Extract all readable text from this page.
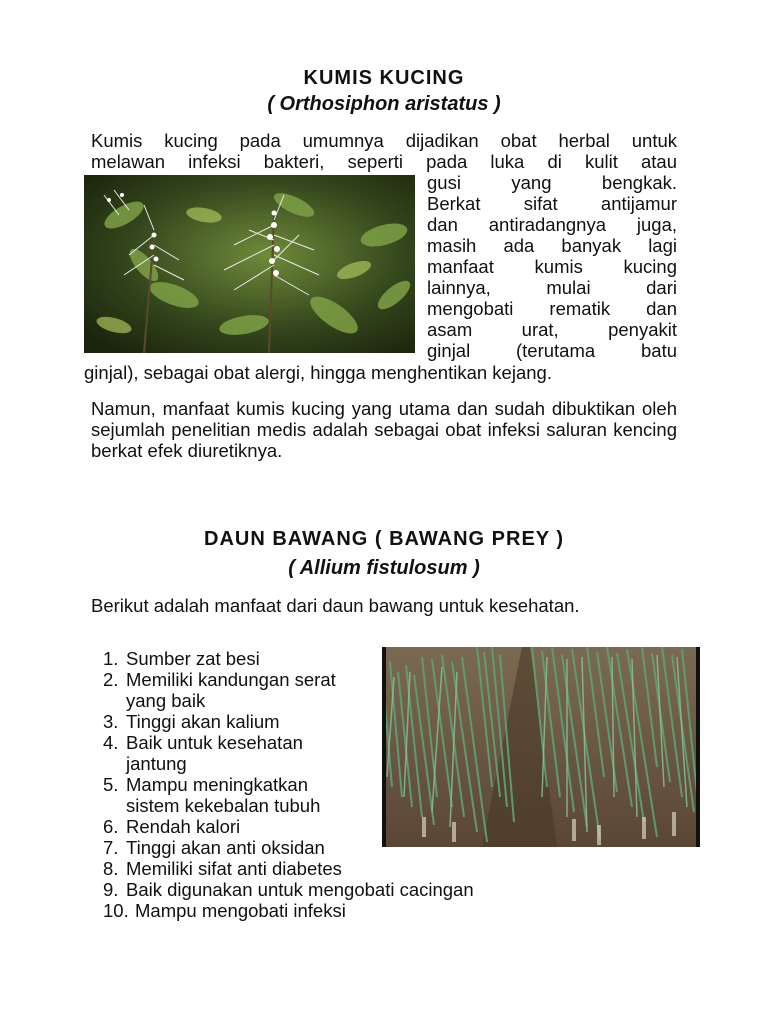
KUMIS KUCING
( Orthosiphon aristatus )

Kumis kucing pada umumnya dijadikan obat herbal untuk
melawan infeksi bakteri, seperti pada luka di kulit atau

gusi yang bengkak.
Berkat sifat antijamur
dan antiradangnya juga,
masih ada banyak lagi
manfaat kumis kucing
lainnya, mulai dari
mengobati rematik dan
asam urat, penyakit
ginjal (terutama batu

ginjal), sebagai obat alergi, hingga menghentikan kejang.

Namun, manfaat kumis kucing yang utama dan sudah dibuktikan oleh sejumlah penelitian medis adalah sebagai obat infeksi saluran kencing berkat efek diuretiknya.

DAUN BAWANG ( BAWANG PREY )
( Allium fistulosum )

Berikut adalah manfaat dari daun bawang untuk kesehatan.

1. Sumber zat besi
2. Memiliki kandungan serat yang baik
3. Tinggi akan kalium
4. Baik untuk kesehatan jantung
5. Mampu meningkatkan sistem kekebalan tubuh
6. Rendah kalori
7. Tinggi akan anti oksidan
8. Memiliki sifat anti diabetes
9. Baik digunakan untuk mengobati cacingan
10. Mampu mengobati infeksi
